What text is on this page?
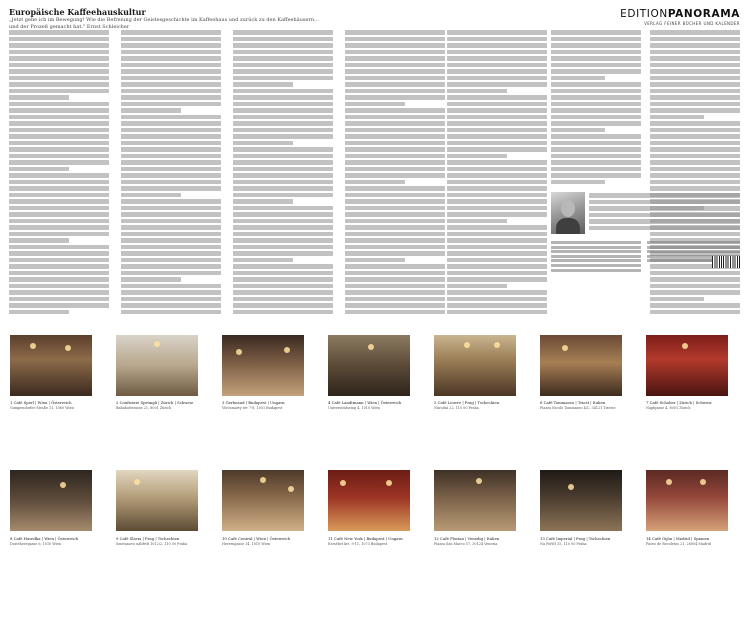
Europäische Kaffeehauskultur
„Jetzt gehe ich im Bewegung! Wie die Befreiung der Geistesgeschichte im Kaffeehaus und zurück zu den Kaffeehäusern...
und der Prozeß gemacht hat." Ernst Schleicher
EDITIONPANORAMA
VERLAG FEINER BÜCHER UND KALENDER
1 Café Sperl | Wien | Österreich
Gumpendorfer Straße 11, 1060 Wien
2 Confiserie Sprüngli | Zürich | Schweiz
Bahnhofstrasse 21, 8001 Zürich
3 Gerbeaud | Budapest | Ungarn
Vörösmarty tér 7-8, 1051 Budapest
4 Café Landtmann | Wien | Österreich
Universitätsring 4, 1010 Wien
5 Café Louvre | Prag | Tschechien
Národní 22, 110 00 Praha
6 Café Tommaseo | Triest | Italien
Piazza Nicolò Tommaseo 4/C, 34121 Trieste
7 Café Schober | Zürich | Schweiz
Napfgasse 4, 8001 Zürich
8 Café Hawelka | Wien | Österreich
Dorotheergasse 6, 1010 Wien
9 Café Slavia | Prag | Tschechien
Smetanovo nábřeží 1012/2, 110 00 Praha
10 Café Central | Wien | Österreich
Herrengasse 14, 1010 Wien
11 Café New York | Budapest | Ungarn
Erzsébet krt. 9-11, 1073 Budapest
12 Café Florian | Venedig | Italien
Piazza San Marco 57, 30124 Venezia
13 Café Imperial | Prag | Tschechien
Na Poříčí 15, 110 00 Praha
14 Café Gijón | Madrid | Spanien
Paseo de Recoletos 21, 28004 Madrid
